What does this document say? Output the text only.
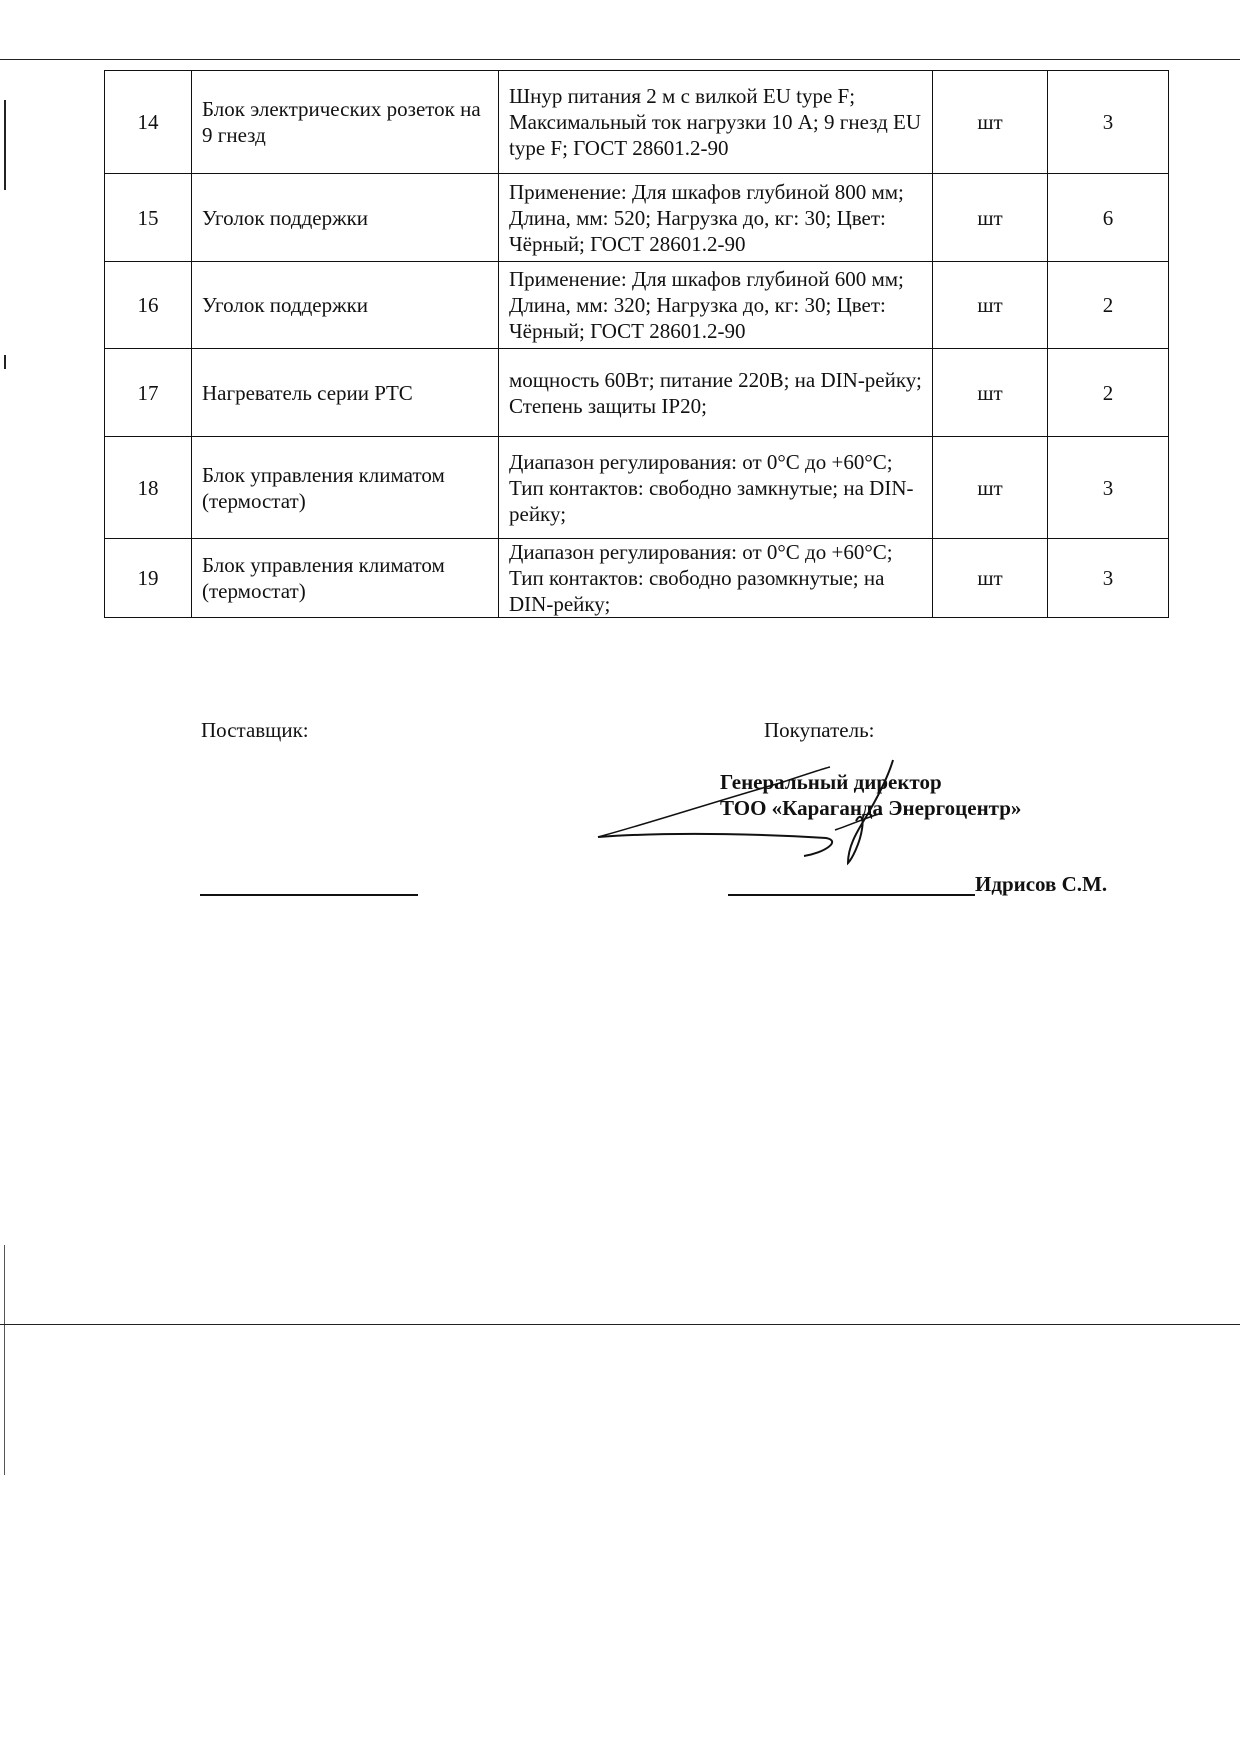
14	Блок электрических розеток на 9 гнезд	Шнур питания 2 м с вилкой EU type F; Максимальный ток нагрузки 10 А; 9 гнезд EU type F; ГОСТ 28601.2-90	шт	3
15	Уголок поддержки	Применение: Для шкафов глубиной 800 мм; Длина, мм: 520; Нагрузка до, кг: 30; Цвет: Чёрный; ГОСТ 28601.2-90	шт	6
16	Уголок поддержки	Применение: Для шкафов глубиной 600 мм; Длина, мм: 320; Нагрузка до, кг: 30; Цвет: Чёрный; ГОСТ 28601.2-90	шт	2
17	Нагреватель серии PTC	мощность 60Вт; питание 220В; на DIN-рейку; Степень защиты IP20;	шт	2
18	Блок управления климатом (термостат)	Диапазон регулирования: от 0°С до +60°С; Тип контактов: свободно замкнутые; на DIN-рейку;	шт	3
19	Блок управления климатом (термостат)	Диапазон регулирования: от 0°С до +60°С; Тип контактов: свободно разомкнутые; на DIN-рейку;	шт	3
Поставщик:	Покупатель:
Генеральный директор
ТОО «Караганда Энергоцентр»
Идрисов С.М.
